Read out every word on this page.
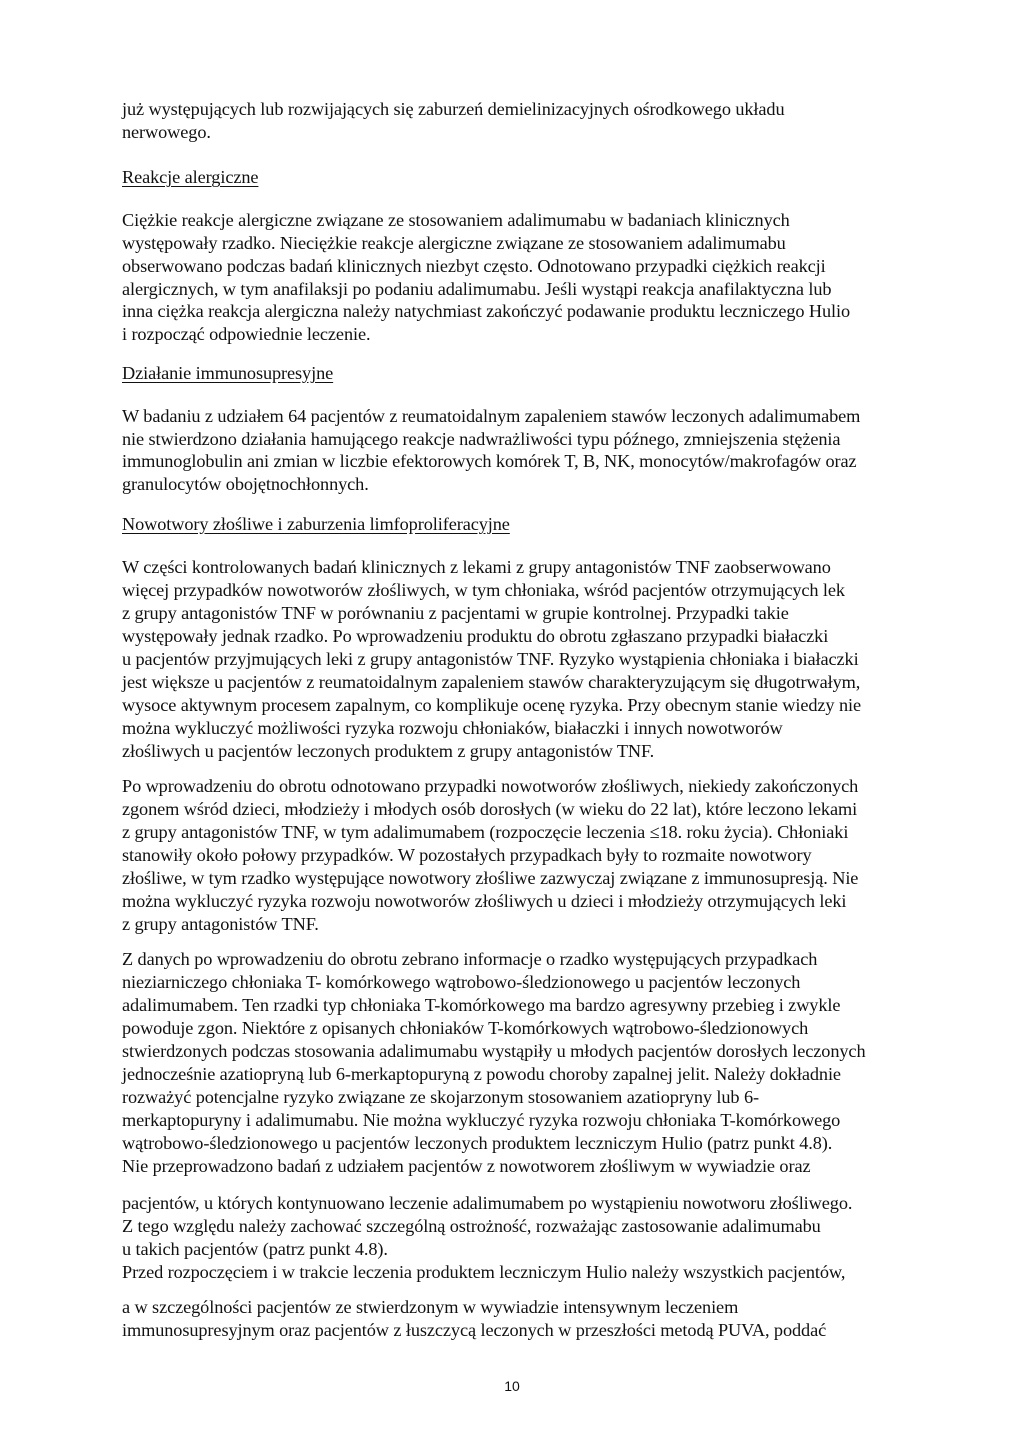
już występujących lub rozwijających się zaburzeń demielinizacyjnych ośrodkowego układu
nerwowego.
Reakcje alergiczne
Ciężkie reakcje alergiczne związane ze stosowaniem adalimumabu w badaniach klinicznych
występowały rzadko. Nieciężkie reakcje alergiczne związane ze stosowaniem adalimumabu
obserwowano podczas badań klinicznych niezbyt często. Odnotowano przypadki ciężkich reakcji
alergicznych, w tym anafilaksji po podaniu adalimumabu. Jeśli wystąpi reakcja anafilaktyczna lub
inna ciężka reakcja alergiczna należy natychmiast zakończyć podawanie produktu leczniczego Hulio
i rozpocząć odpowiednie leczenie.
Działanie immunosupresyjne
W badaniu z udziałem 64 pacjentów z reumatoidalnym zapaleniem stawów leczonych adalimumabem
nie stwierdzono działania hamującego reakcje nadwrażliwości typu późnego, zmniejszenia stężenia
immunoglobulin ani zmian w liczbie efektorowych komórek T, B, NK, monocytów/makrofagów oraz
granulocytów obojętnochłonnych.
Nowotwory złośliwe i zaburzenia limfoproliferacyjne
W części kontrolowanych badań klinicznych z lekami z grupy antagonistów TNF zaobserwowano
więcej przypadków nowotworów złośliwych, w tym chłoniaka, wśród pacjentów otrzymujących lek
z grupy antagonistów TNF w porównaniu z pacjentami w grupie kontrolnej. Przypadki takie
występowały jednak rzadko. Po wprowadzeniu produktu do obrotu zgłaszano przypadki białaczki
u pacjentów przyjmujących leki z grupy antagonistów TNF. Ryzyko wystąpienia chłoniaka i białaczki
jest większe u pacjentów z reumatoidalnym zapaleniem stawów charakteryzującym się długotrwałym,
wysoce aktywnym procesem zapalnym, co komplikuje ocenę ryzyka. Przy obecnym stanie wiedzy nie
można wykluczyć możliwości ryzyka rozwoju chłoniaków, białaczki i innych nowotworów
złośliwych u pacjentów leczonych produktem z grupy antagonistów TNF.
Po wprowadzeniu do obrotu odnotowano przypadki nowotworów złośliwych, niekiedy zakończonych
zgonem wśród dzieci, młodzieży i młodych osób dorosłych (w wieku do 22 lat), które leczono lekami
z grupy antagonistów TNF, w tym adalimumabem (rozpoczęcie leczenia ≤18. roku życia). Chłoniaki
stanowiły około połowy przypadków. W pozostałych przypadkach były to rozmaite nowotwory
złośliwe, w tym rzadko występujące nowotwory złośliwe zazwyczaj związane z immunosupresją. Nie
można wykluczyć ryzyka rozwoju nowotworów złośliwych u dzieci i młodzieży otrzymujących leki
z grupy antagonistów TNF.
Z danych po wprowadzeniu do obrotu zebrano informacje o rzadko występujących przypadkach
nieziarniczego chłoniaka T- komórkowego wątrobowo-śledzionowego u pacjentów leczonych
adalimumabem. Ten rzadki typ chłoniaka T-komórkowego ma bardzo agresywny przebieg i zwykle
powoduje zgon. Niektóre z opisanych chłoniaków T-komórkowych wątrobowo-śledzionowych
stwierdzonych podczas stosowania adalimumabu wystąpiły u młodych pacjentów dorosłych leczonych
jednocześnie azatiopryną lub 6-merkaptopuryną z powodu choroby zapalnej jelit. Należy dokładnie
rozważyć potencjalne ryzyko związane ze skojarzonym stosowaniem azatiopryny lub 6-
merkaptopuryny i adalimumabu. Nie można wykluczyć ryzyka rozwoju chłoniaka T-komórkowego
wątrobowo-śledzionowego u pacjentów leczonych produktem leczniczym Hulio (patrz punkt 4.8).
Nie przeprowadzono badań z udziałem pacjentów z nowotworem złośliwym w wywiadzie oraz
pacjentów, u których kontynuowano leczenie adalimumabem po wystąpieniu nowotworu złośliwego.
Z tego względu należy zachować szczególną ostrożność, rozważając zastosowanie adalimumabu
u takich pacjentów (patrz punkt 4.8).
Przed rozpoczęciem i w trakcie leczenia produktem leczniczym Hulio należy wszystkich pacjentów,
a w szczególności pacjentów ze stwierdzonym w wywiadzie intensywnym leczeniem
immunosupresyjnym oraz pacjentów z łuszczycą leczonych w przeszłości metodą PUVA, poddać
10
